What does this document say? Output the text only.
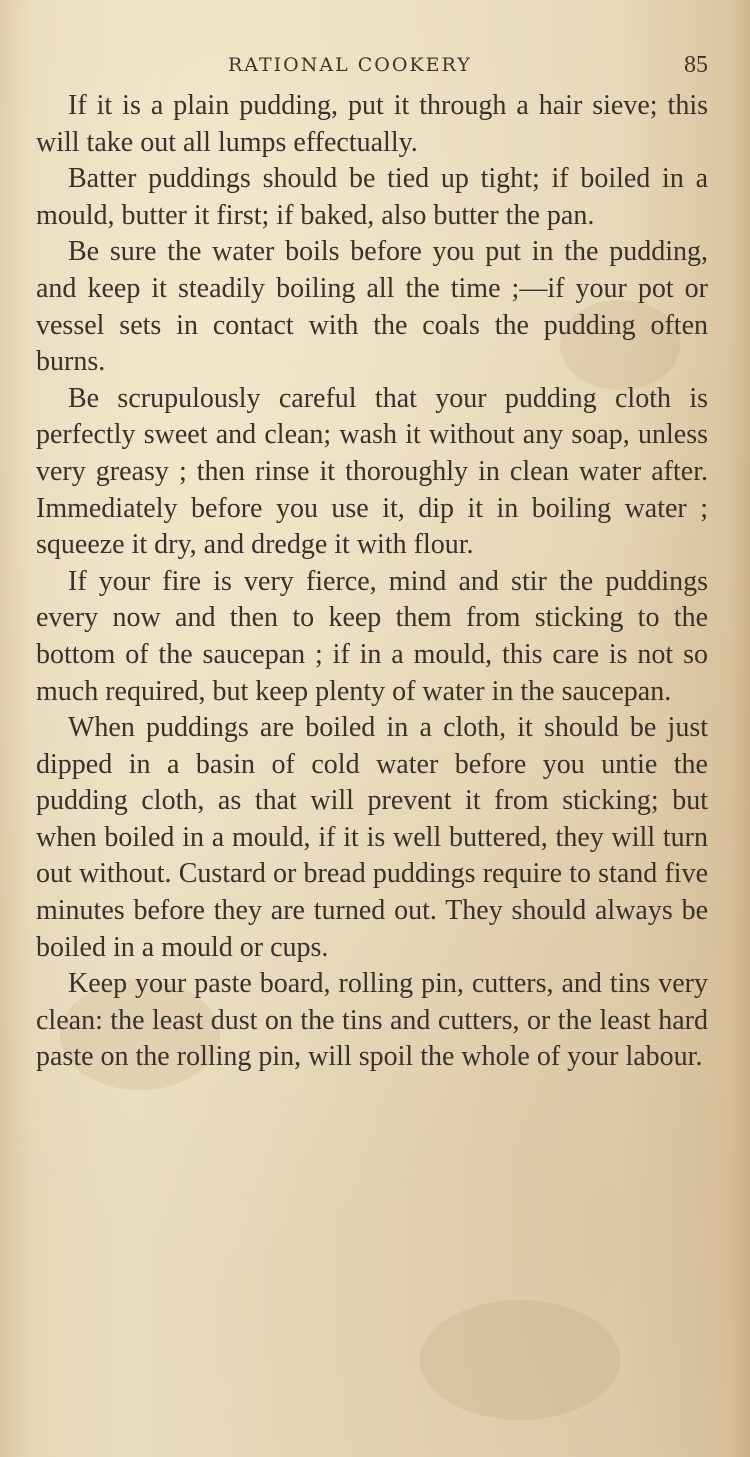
RATIONAL COOKERY	85

If it is a plain pudding, put it through a hair sieve; this will take out all lumps effectually.

Batter puddings should be tied up tight; if boiled in a mould, butter it first; if baked, also butter the pan.

Be sure the water boils before you put in the pudding, and keep it steadily boiling all the time ;—if your pot or vessel sets in contact with the coals the pudding often burns.

Be scrupulously careful that your pudding cloth is perfectly sweet and clean; wash it without any soap, unless very greasy ; then rinse it thoroughly in clean water after. Immediately before you use it, dip it in boiling water ; squeeze it dry, and dredge it with flour.

If your fire is very fierce, mind and stir the puddings every now and then to keep them from sticking to the bottom of the saucepan ; if in a mould, this care is not so much required, but keep plenty of water in the saucepan.

When puddings are boiled in a cloth, it should be just dipped in a basin of cold water before you untie the pudding cloth, as that will prevent it from sticking; but when boiled in a mould, if it is well buttered, they will turn out without. Custard or bread puddings require to stand five minutes before they are turned out. They should always be boiled in a mould or cups.

Keep your paste board, rolling pin, cutters, and tins very clean: the least dust on the tins and cutters, or the least hard paste on the rolling pin, will spoil the whole of your labour.
